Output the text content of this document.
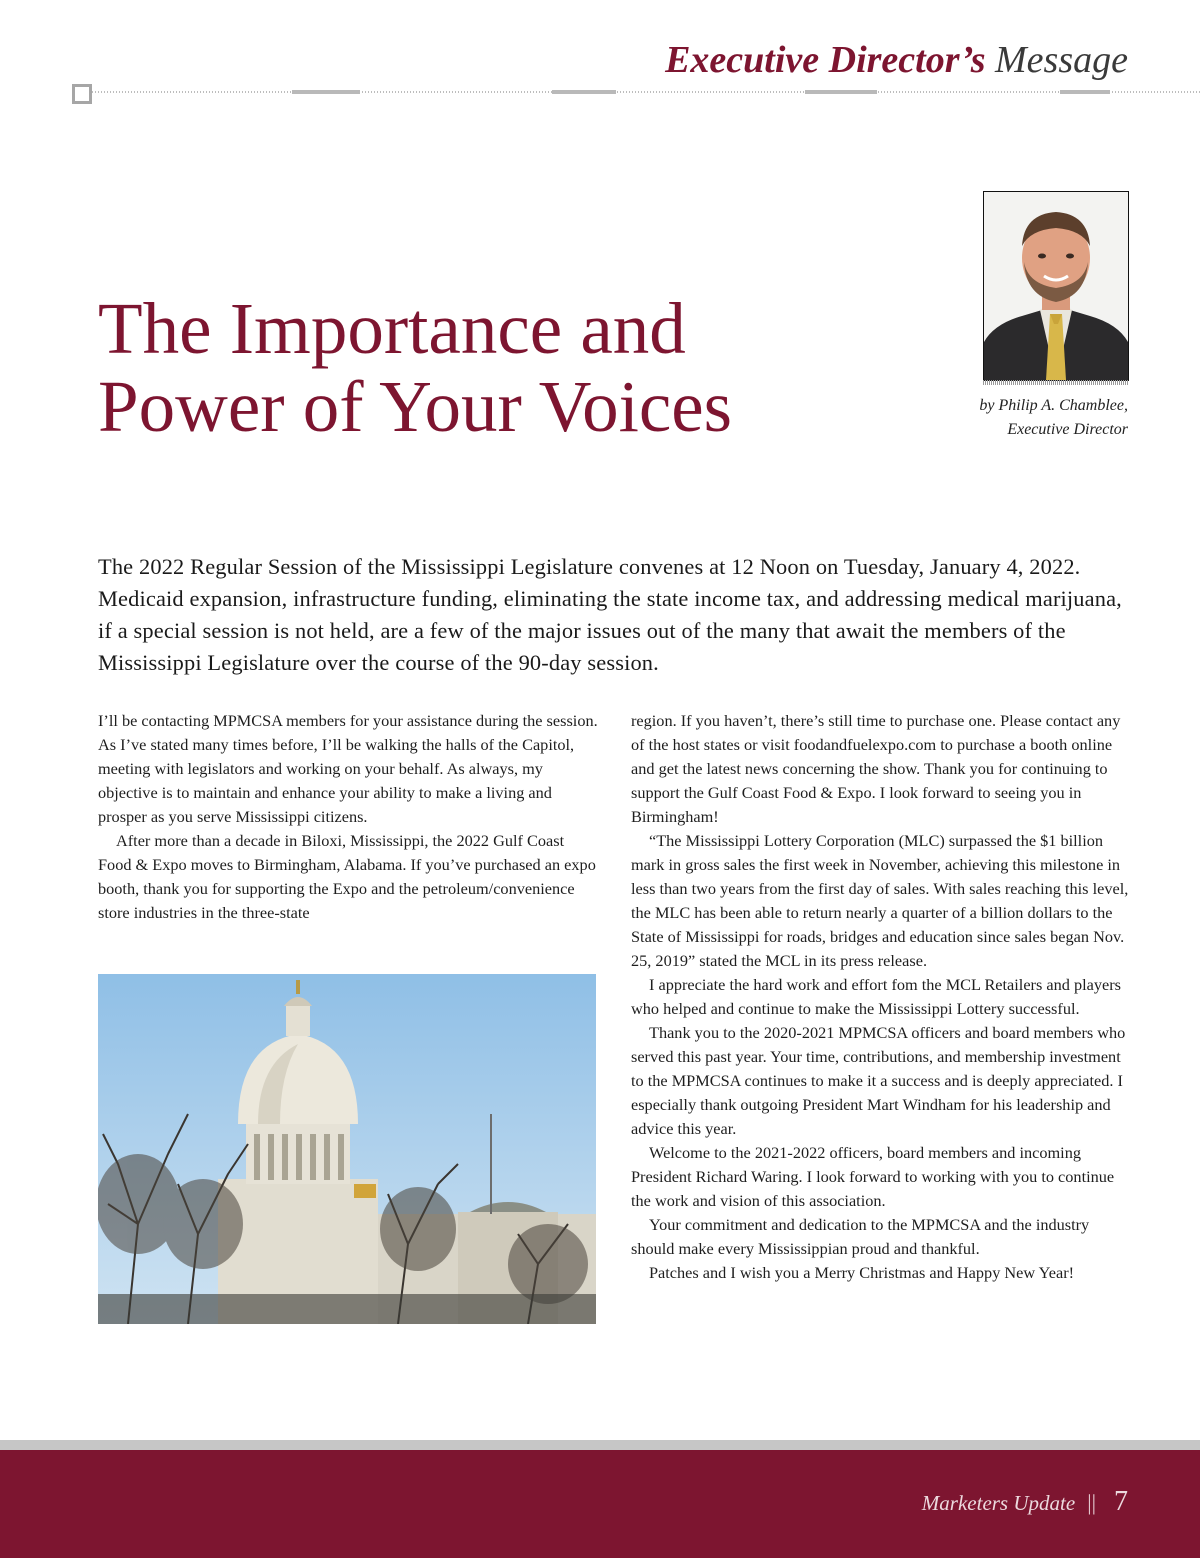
Executive Director’s Message
The Importance and
Power of Your Voices	by Philip A. Chamblee,
Executive Director

The 2022 Regular Session of the Mississippi Legislature convenes at 12 Noon on Tuesday, January 4, 2022. Medicaid expansion, infrastructure funding, eliminating the state income tax, and addressing medical marijuana, if a special session is not held, are a few of the major issues out of the many that await the members of the Mississippi Legislature over the course of the 90-day session.

I’ll be contacting MPMCSA members for your assistance during the session. As I’ve stated many times before, I’ll be walking the halls of the Capitol, meeting with legislators and working on your behalf. As always, my objective is to maintain and enhance your ability to make a living and prosper as you serve Mississippi citizens.

After more than a decade in Biloxi, Mississippi, the 2022 Gulf Coast Food & Expo moves to Birmingham, Alabama. If you’ve purchased an expo booth, thank you for supporting the Expo and the petroleum/convenience store industries in the three-state

region. If you haven’t, there’s still time to purchase one. Please contact any of the host states or visit foodandfuelexpo.com to purchase a booth online and get the latest news concerning the show. Thank you for continuing to support the Gulf Coast Food & Expo. I look forward to seeing you in Birmingham!

“The Mississippi Lottery Corporation (MLC) surpassed the $1 billion mark in gross sales the first week in November, achieving this milestone in less than two years from the first day of sales. With sales reaching this level, the MLC has been able to return nearly a quarter of a billion dollars to the State of Mississippi for roads, bridges and education since sales began Nov. 25, 2019” stated the MCL in its press release.

I appreciate the hard work and effort fom the MCL Retailers and players who helped and continue to make the Mississippi Lottery successful.

Thank you to the 2020-2021 MPMCSA officers and board members who served this past year. Your time, contributions, and membership investment to the MPMCSA continues to make it a success and is deeply appreciated. I especially thank outgoing President Mart Windham for his leadership and advice this year.

Welcome to the 2021-2022 officers, board members and incoming President Richard Waring. I look forward to working with you to continue the work and vision of this association.

Your commitment and dedication to the MPMCSA and the industry should make every Mississippian proud and thankful.

Patches and I wish you a Merry Christmas and Happy New Year!

Marketers Update || 7
